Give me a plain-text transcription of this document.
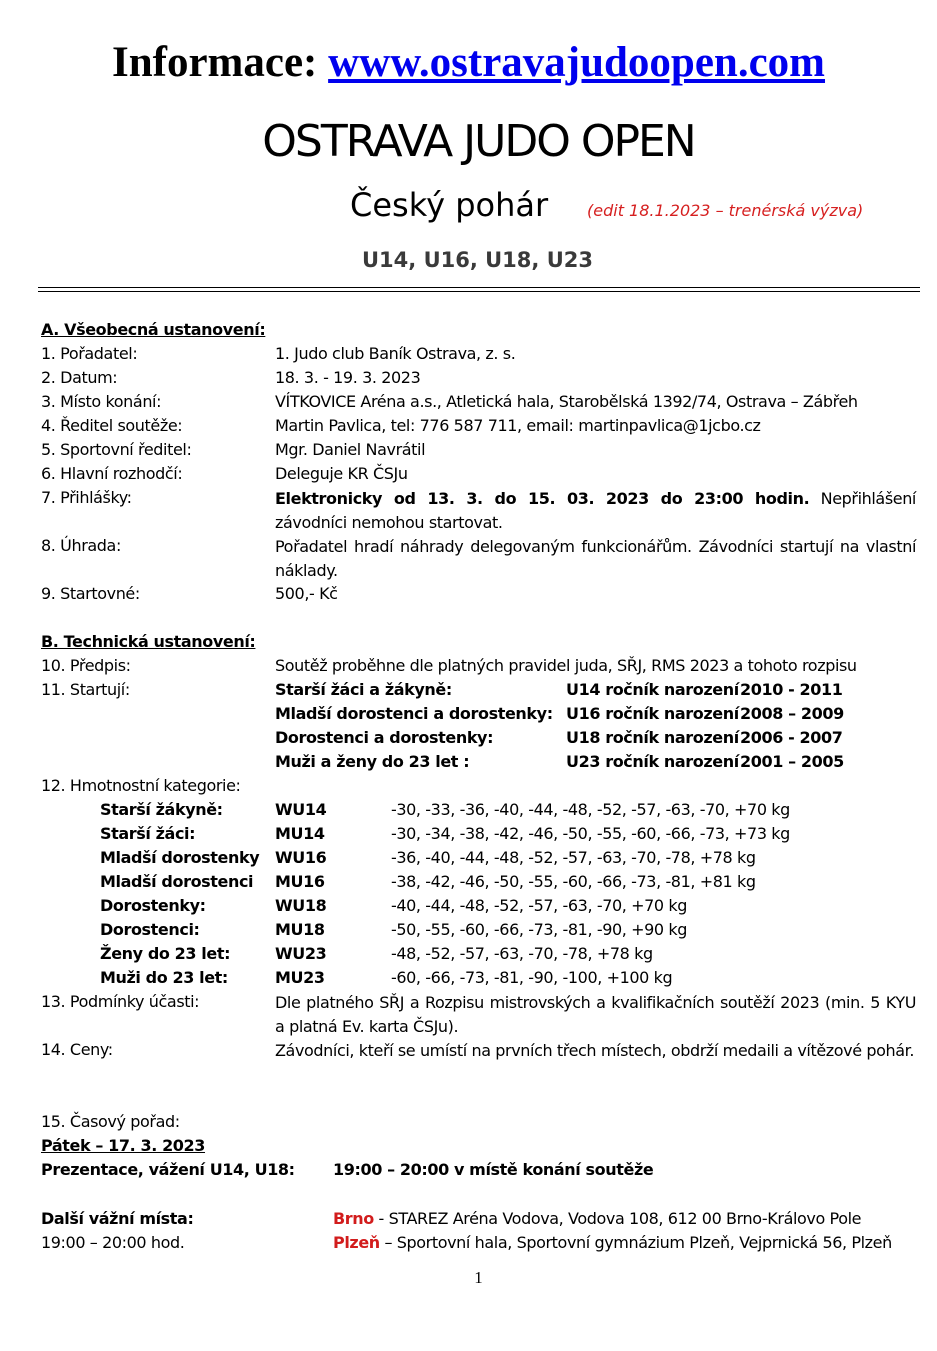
Informace: www.ostravajudoopen.com
OSTRAVA JUDO OPEN
Český pohár (edit 18.1.2023 – trenérská výzva)
U14, U16, U18, U23
A. Všeobecná ustanovení:
1. Pořadatel:	1. Judo club Baník Ostrava, z. s.
2. Datum:	18. 3. - 19. 3. 2023
3. Místo konání:	VÍTKOVICE Aréna a.s., Atletická hala, Starobělská 1392/74, Ostrava – Zábřeh
4. Ředitel soutěže:	Martin Pavlica, tel: 776 587 711, email: martinpavlica@1jcbo.cz
5. Sportovní ředitel:	Mgr. Daniel Navrátil
6. Hlavní rozhodčí:	Deleguje KR ČSJu
7. Přihlášky:	Elektronicky od 13. 3. do 15. 03. 2023 do 23:00 hodin. Nepřihlášení závodníci nemohou startovat.
8. Úhrada:	Pořadatel hradí náhrady delegovaným funkcionářům. Závodníci startují na vlastní náklady.
9. Startovné:	500,- Kč
B. Technická ustanovení:
10. Předpis:	Soutěž proběhne dle platných pravidel juda, SŘJ, RMS 2023 a tohoto rozpisu
11. Startují:	Starší žáci a žákyně:	U14 ročník narození 2010 - 2011
Mladší dorostenci a dorostenky: U16 ročník narození 2008 – 2009
Dorostenci a dorostenky:	U18 ročník narození 2006 - 2007
Muži a ženy do 23 let :	U23 ročník narození 2001 – 2005
12. Hmotnostní kategorie:
Starší žákyně:	WU14	-30, -33, -36, -40, -44, -48, -52, -57, -63, -70, +70 kg
Starší žáci:	MU14	-30, -34, -38, -42, -46, -50, -55, -60, -66, -73, +73 kg
Mladší dorostenky WU16	-36, -40, -44, -48, -52, -57, -63, -70, -78, +78 kg
Mladší dorostenci MU16	-38, -42, -46, -50, -55, -60, -66, -73, -81, +81 kg
Dorostenky:	WU18	-40, -44, -48, -52, -57, -63, -70, +70 kg
Dorostenci:	MU18	-50, -55, -60, -66, -73, -81, -90, +90 kg
Ženy do 23 let:	WU23	-48, -52, -57, -63, -70, -78, +78 kg
Muži do 23 let:	MU23	-60, -66, -73, -81, -90, -100, +100 kg
13. Podmínky účasti:	Dle platného SŘJ a Rozpisu mistrovských a kvalifikačních soutěží 2023 (min. 5 KYU a platná Ev. karta ČSJu).
14. Ceny:	Závodníci, kteří se umístí na prvních třech místech, obdrží medaili a vítězové pohár.
15. Časový pořad:
Pátek – 17. 3. 2023
Prezentace, vážení U14, U18: 19:00 – 20:00 v místě konání soutěže
Další vážní místa:	Brno - STAREZ Aréna Vodova, Vodova 108, 612 00 Brno-Královo Pole
19:00 – 20:00 hod.	Plzeň – Sportovní hala, Sportovní gymnázium Plzeň, Vejprnická 56, Plzeň
1
